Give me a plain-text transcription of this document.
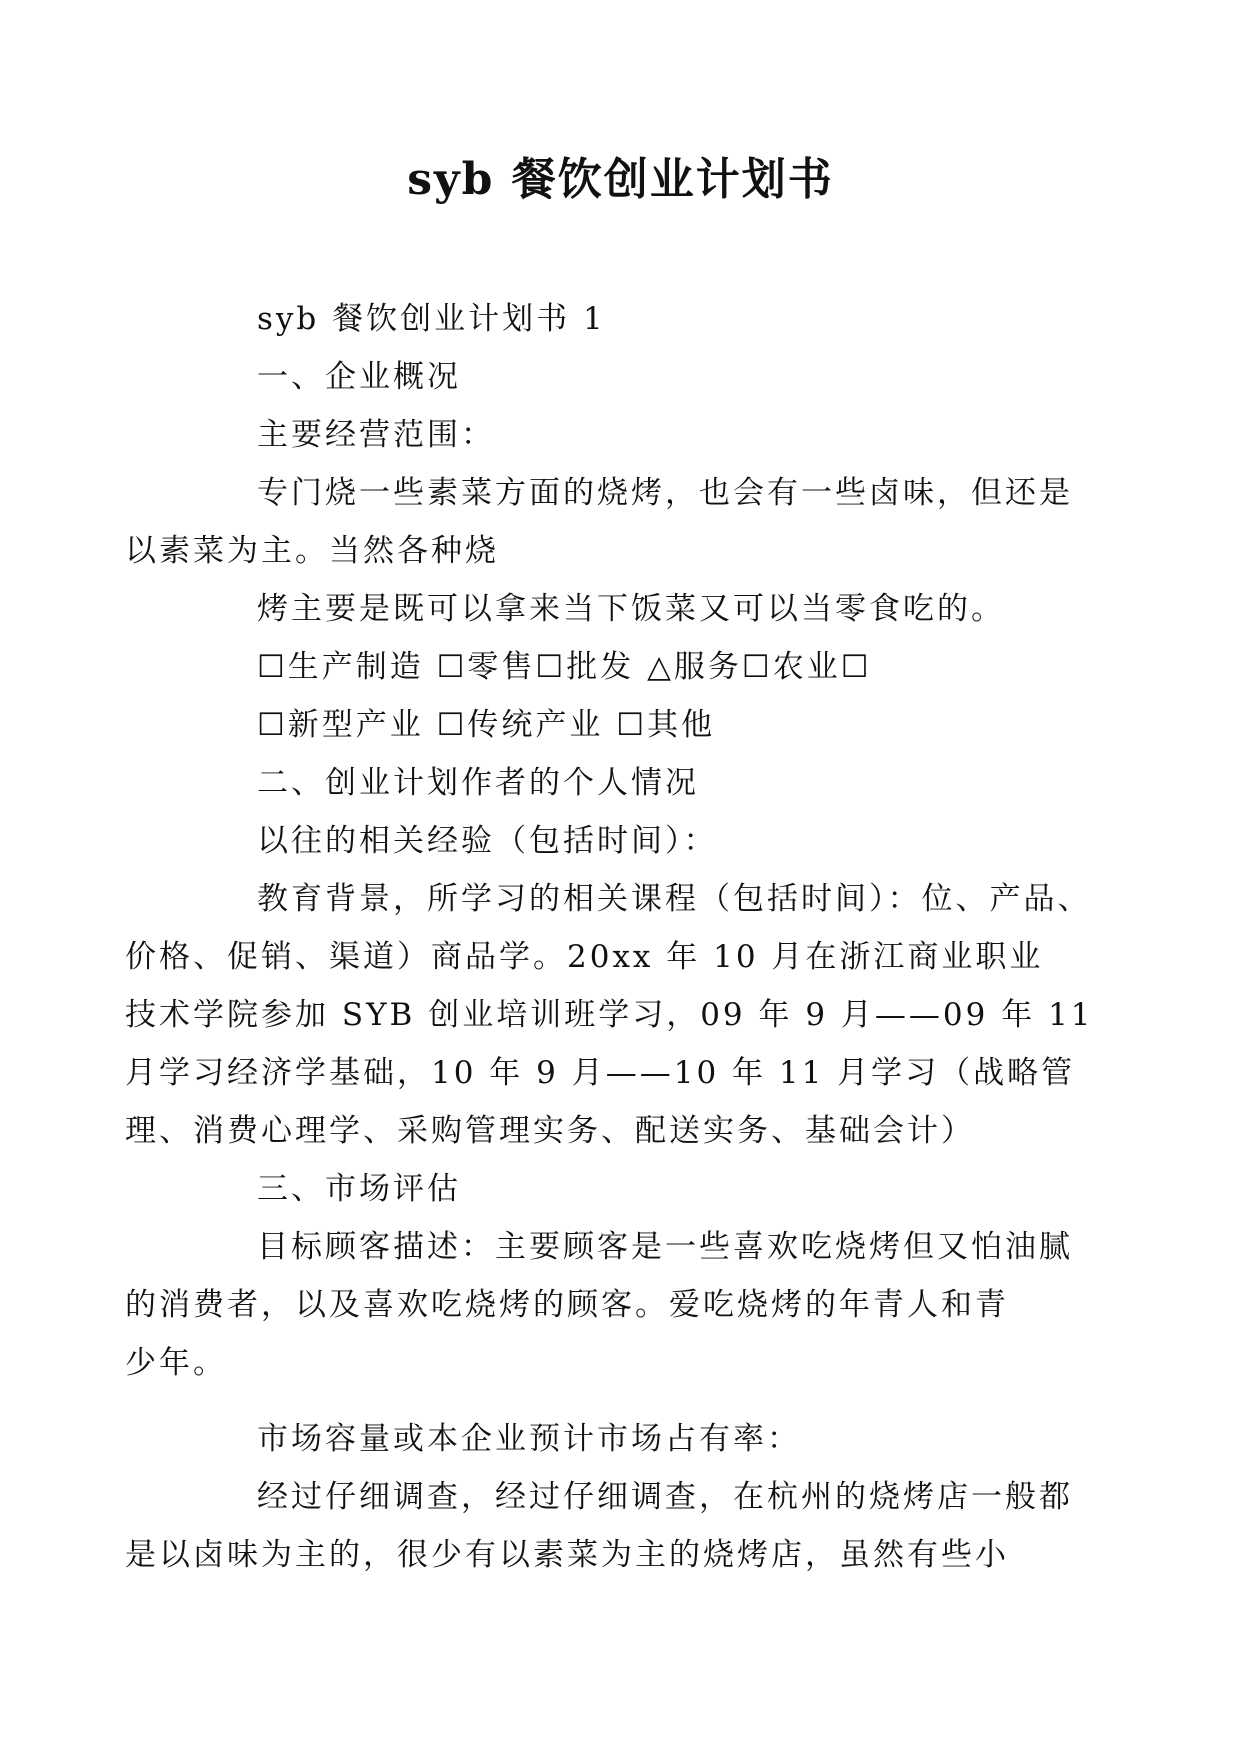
syb 餐饮创业计划书

syb 餐饮创业计划书 1

一、企业概况

主要经营范围：

专门烧一些素菜方面的烧烤，也会有一些卤味，但还是
以素菜为主。当然各种烧

烤主要是既可以拿来当下饭菜又可以当零食吃的。

☐生产制造 ☐零售☐批发 △服务☐农业☐

☐新型产业 ☐传统产业 ☐其他

二、创业计划作者的个人情况

以往的相关经验（包括时间）：

教育背景，所学习的相关课程（包括时间）：位、产品、
价格、促销、渠道）商品学。20xx 年 10 月在浙江商业职业
技术学院参加 SYB 创业培训班学习，09 年 9 月——09 年 11
月学习经济学基础，10 年 9 月——10 年 11 月学习（战略管
理、消费心理学、采购管理实务、配送实务、基础会计）

三、市场评估

目标顾客描述：主要顾客是一些喜欢吃烧烤但又怕油腻
的消费者，以及喜欢吃烧烤的顾客。爱吃烧烤的年青人和青
少年。

市场容量或本企业预计市场占有率：

经过仔细调查，经过仔细调查，在杭州的烧烤店一般都
是以卤味为主的，很少有以素菜为主的烧烤店，虽然有些小
